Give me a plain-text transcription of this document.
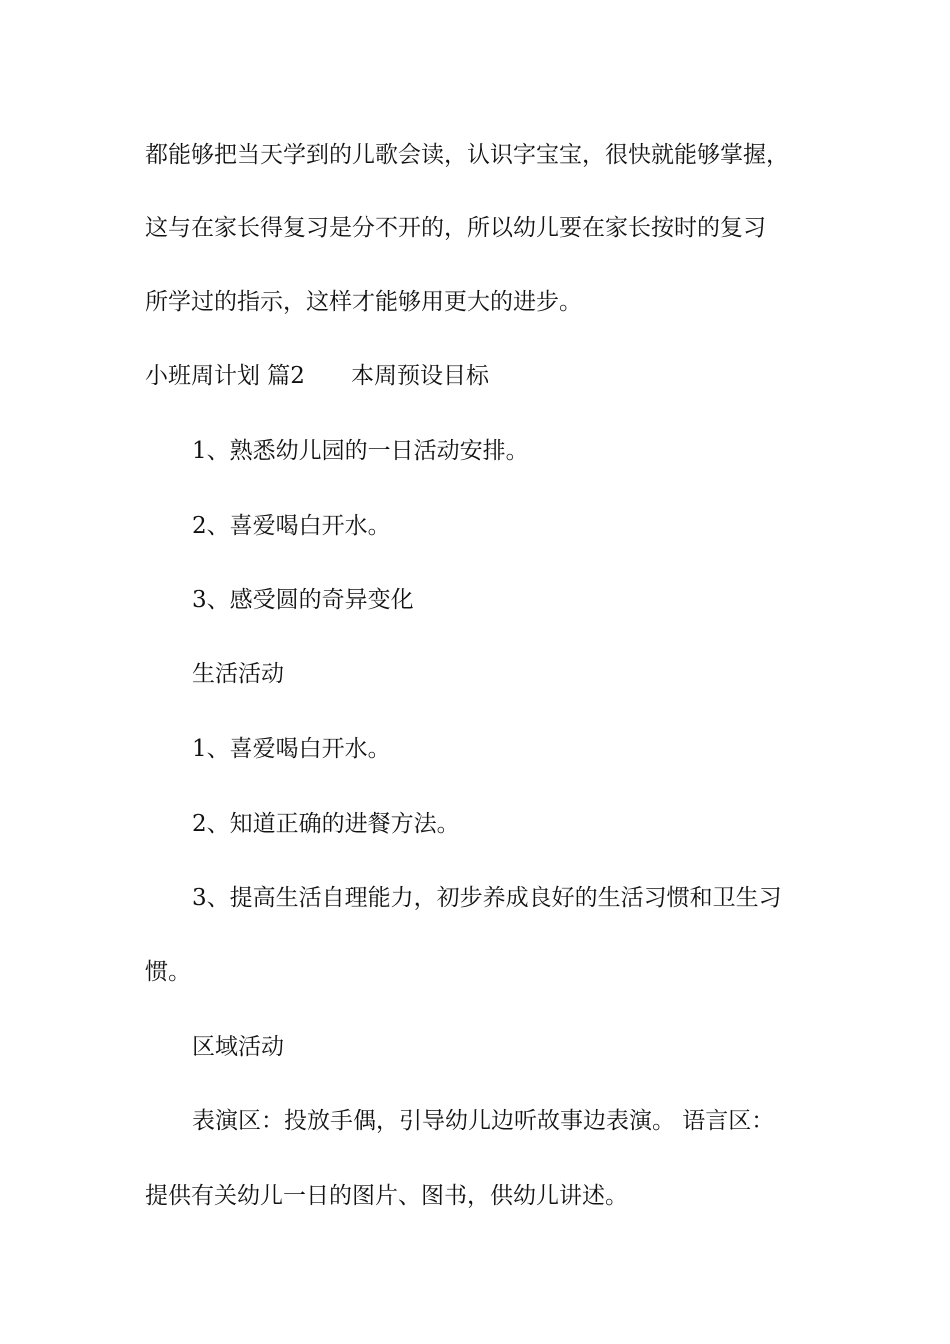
都能够把当天学到的儿歌会读，认识字宝宝，很快就能够掌握，
这与在家长得复习是分不开的，所以幼儿要在家长按时的复习
所学过的指示，这样才能够用更大的进步。
小班周计划 篇2 本周预设目标
1、熟悉幼儿园的一日活动安排。
2、喜爱喝白开水。
3、感受圆的奇异变化
生活活动
1、喜爱喝白开水。
2、知道正确的进餐方法。
3、提高生活自理能力，初步养成良好的生活习惯和卫生习
惯。
区域活动
表演区：投放手偶，引导幼儿边听故事边表演。 语言区：
提供有关幼儿一日的图片、图书，供幼儿讲述。
